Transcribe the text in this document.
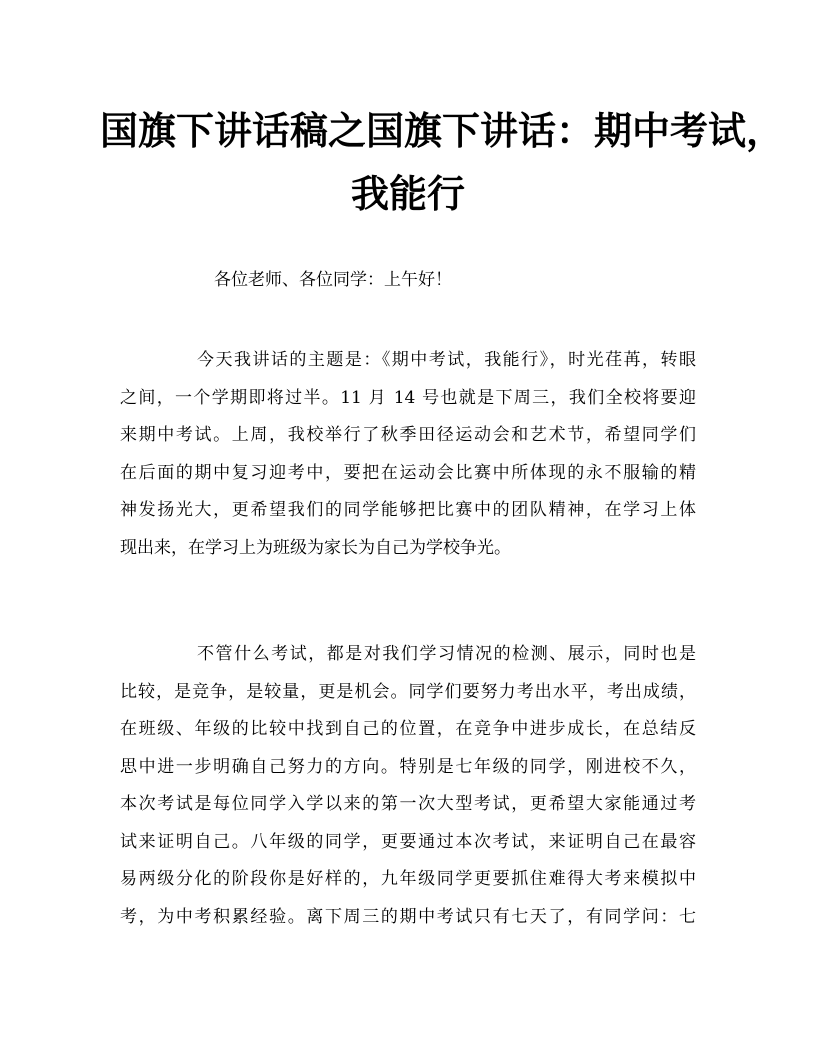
国旗下讲话稿之国旗下讲话：期中考试，
我能行
各位老师、各位同学：上午好！
今天我讲话的主题是：《期中考试，我能行》，时光荏苒，转眼
之间，一个学期即将过半。11 月 14 号也就是下周三，我们全校将要迎
来期中考试。上周，我校举行了秋季田径运动会和艺术节，希望同学们
在后面的期中复习迎考中，要把在运动会比赛中所体现的永不服输的精
神发扬光大，更希望我们的同学能够把比赛中的团队精神，在学习上体
现出来，在学习上为班级为家长为自己为学校争光。
不管什么考试，都是对我们学习情况的检测、展示，同时也是
比较，是竞争，是较量，更是机会。同学们要努力考出水平，考出成绩，
在班级、年级的比较中找到自己的位置，在竞争中进步成长，在总结反
思中进一步明确自己努力的方向。特别是七年级的同学，刚进校不久，
本次考试是每位同学入学以来的第一次大型考试，更希望大家能通过考
试来证明自己。八年级的同学，更要通过本次考试，来证明自己在最容
易两级分化的阶段你是好样的，九年级同学更要抓住难得大考来模拟中
考，为中考积累经验。离下周三的期中考试只有七天了，有同学问：七
